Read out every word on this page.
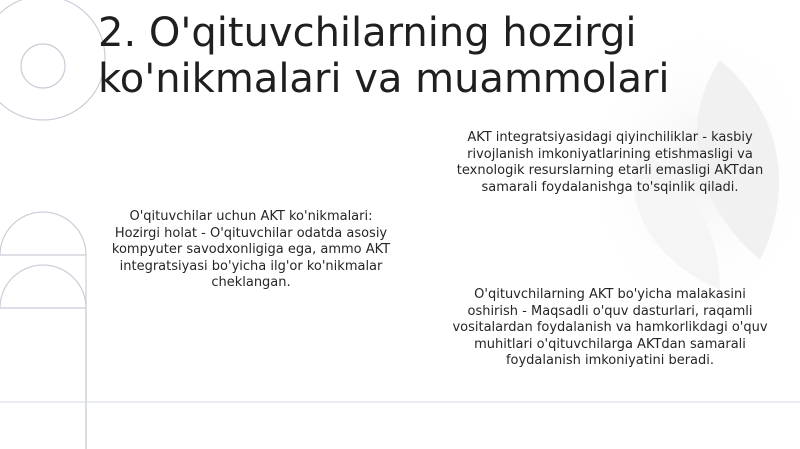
2. O'qituvchilarning hozirgi
ko'nikmalari va muammolari
O'qituvchilar uchun AKT ko'nikmalari:
Hozirgi holat - O'qituvchilar odatda asosiy
kompyuter savodxonligiga ega, ammo AKT
integratsiyasi bo'yicha ilg'or ko'nikmalar
cheklangan.
AKT integratsiyasidagi qiyinchiliklar - kasbiy
rivojlanish imkoniyatlarining etishmasligi va
texnologik resurslarning etarli emasligi AKTdan
samarali foydalanishga to'sqinlik qiladi.
O'qituvchilarning AKT bo'yicha malakasini
oshirish - Maqsadli o'quv dasturlari, raqamli
vositalardan foydalanish va hamkorlikdagi o'quv
muhitlari o'qituvchilarga AKTdan samarali
foydalanish imkoniyatini beradi.
